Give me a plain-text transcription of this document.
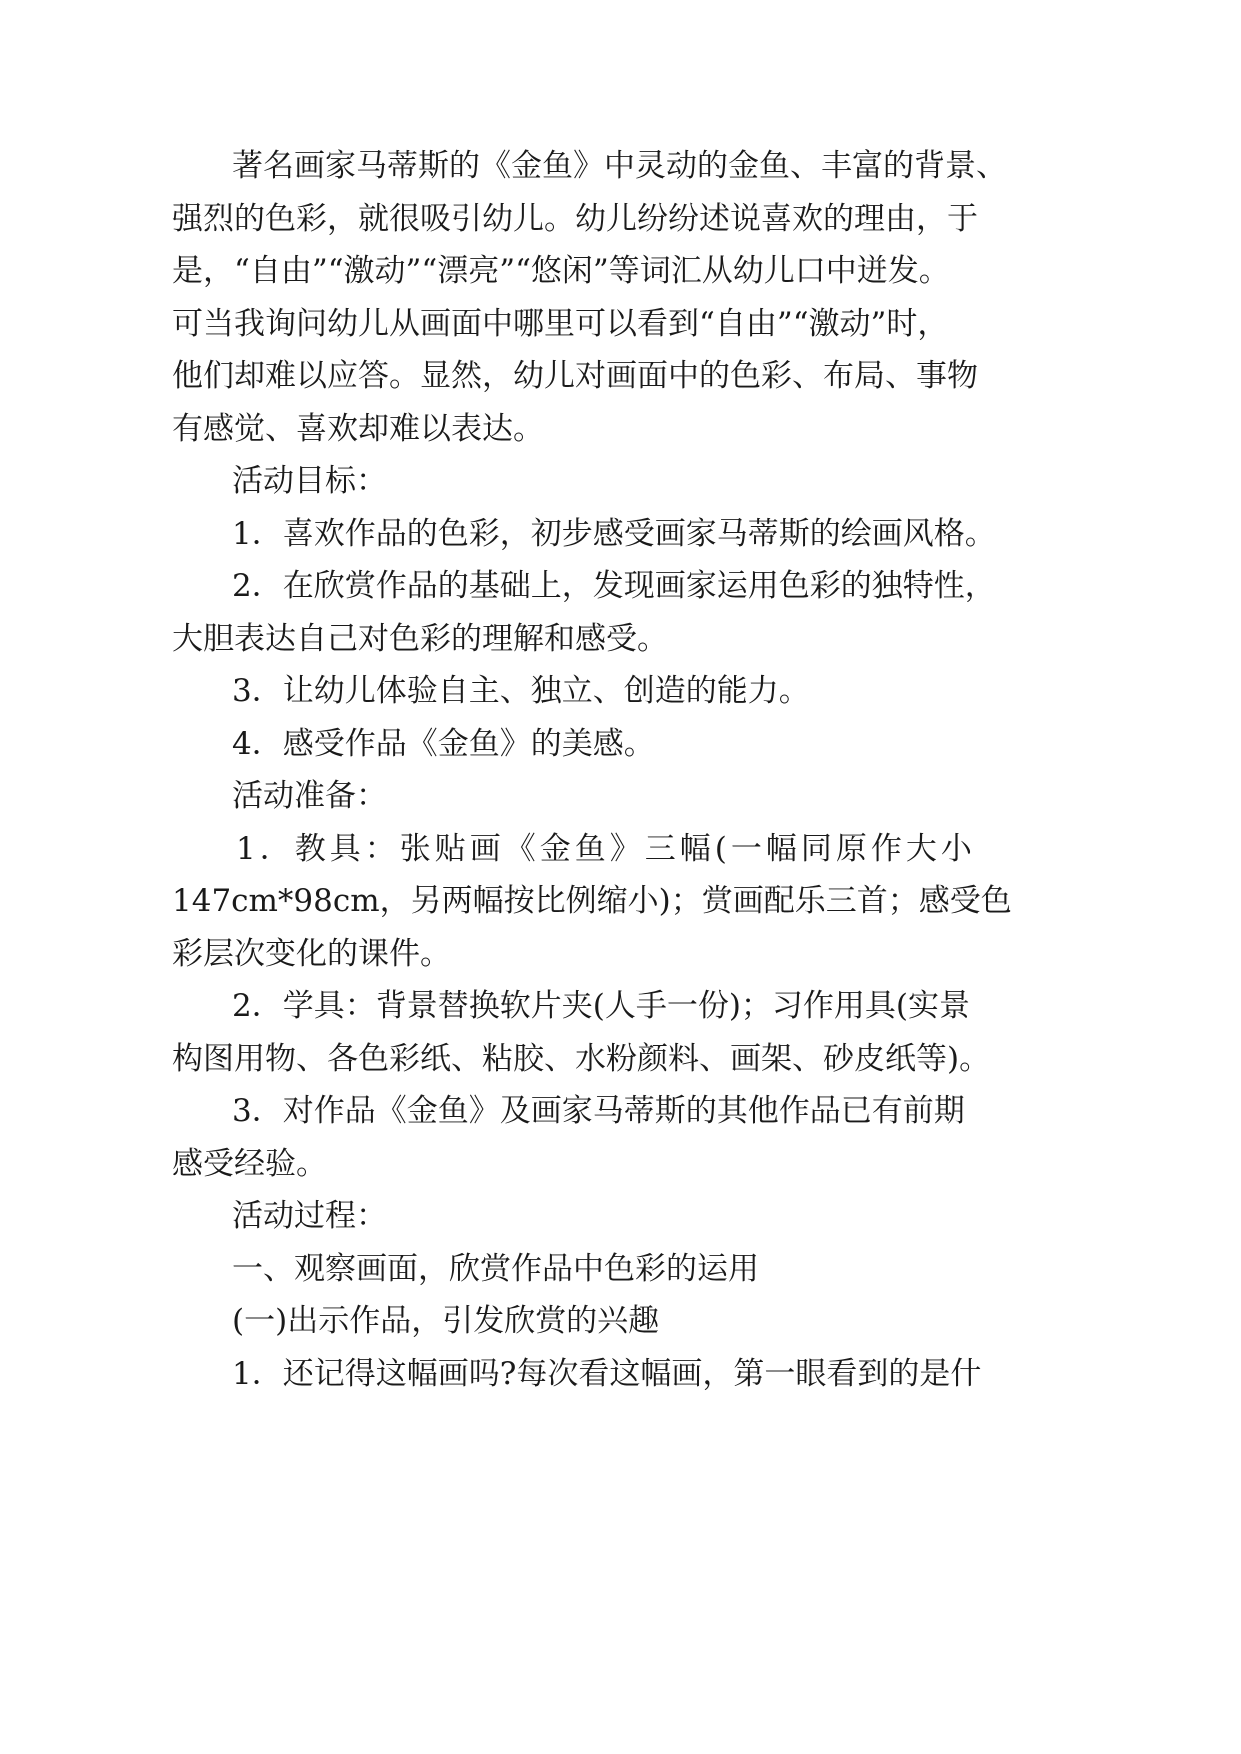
著名画家马蒂斯的《金鱼》中灵动的金鱼、丰富的背景、
强烈的色彩，就很吸引幼儿。幼儿纷纷述说喜欢的理由，于
是，“自由”“激动”“漂亮”“悠闲”等词汇从幼儿口中迸发。
可当我询问幼儿从画面中哪里可以看到“自由”“激动”时，
他们却难以应答。显然，幼儿对画面中的色彩、布局、事物
有感觉、喜欢却难以表达。
活动目标：
1．喜欢作品的色彩，初步感受画家马蒂斯的绘画风格。
2．在欣赏作品的基础上，发现画家运用色彩的独特性，
大胆表达自己对色彩的理解和感受。
3．让幼儿体验自主、独立、创造的能力。
4．感受作品《金鱼》的美感。
活动准备：
1．教具：张贴画《金鱼》三幅(一幅同原作大小
147cm*98cm，另两幅按比例缩小)；赏画配乐三首；感受色
彩层次变化的课件。
2．学具：背景替换软片夹(人手一份)；习作用具(实景
构图用物、各色彩纸、粘胶、水粉颜料、画架、砂皮纸等)。
3．对作品《金鱼》及画家马蒂斯的其他作品已有前期
感受经验。
活动过程：
一、观察画面，欣赏作品中色彩的运用
(一)出示作品，引发欣赏的兴趣
1．还记得这幅画吗?每次看这幅画，第一眼看到的是什
